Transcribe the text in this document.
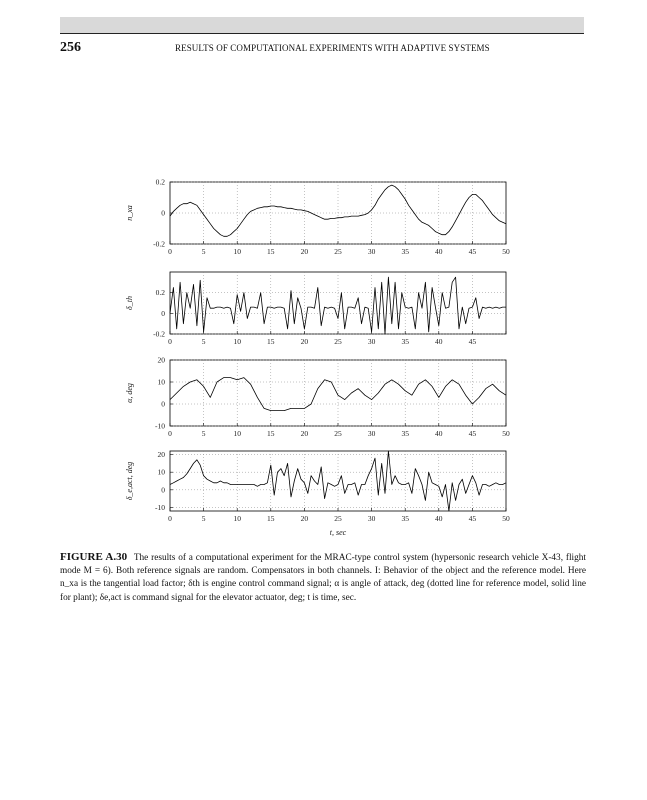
256	RESULTS OF COMPUTATIONAL EXPERIMENTS WITH ADAPTIVE SYSTEMS
0	5	10	15	20	25	30	35	40	45	50
0.2
0
-0.2
n_xa
0	5	10	15	20	25	30	35	40	45
0.2
0
-0.2
δ_th
0	5	10	15	20	25	30	35	40	45	50
20
10
0
-10
α, deg
0	5	10	15	20	25	30	35	40	45	50
20
10
0
-10
δ_e,act, deg
t, sec
FIGURE A.30 The results of a computational experiment for the MRAC-type control system (hypersonic research vehicle X-43, flight mode M = 6). Both reference signals are random. Compensators in both channels. I: Behavior of the object and the reference model. Here n_xa is the tangential load factor; δth is engine control command signal; α is angle of attack, deg (dotted line for reference model, solid line for plant); δe,act is command signal for the elevator actuator, deg; t is time, sec.
